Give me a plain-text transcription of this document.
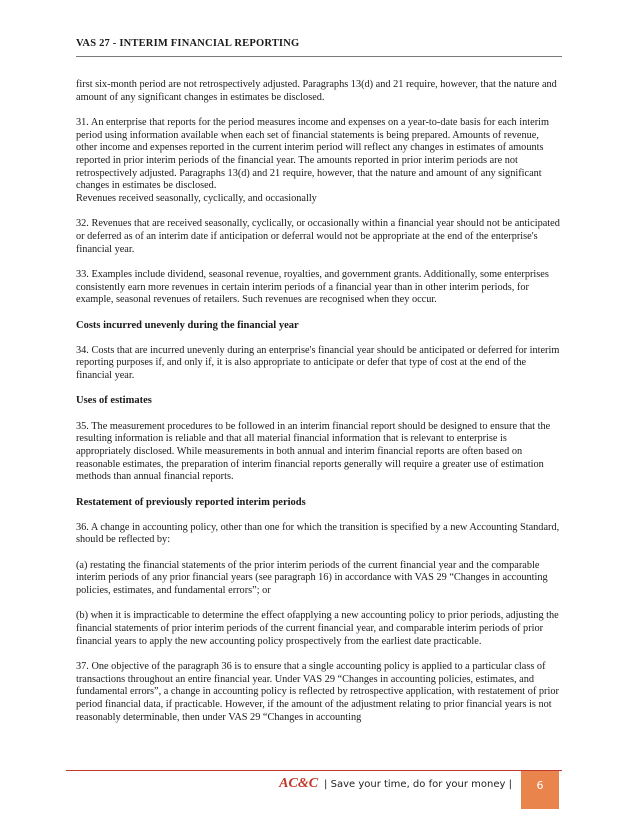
VAS 27 - INTERIM FINANCIAL REPORTING

first six-month period are not retrospectively adjusted. Paragraphs 13(d) and 21 require, however, that the nature and amount of any significant changes in estimates be disclosed.

31. An enterprise that reports for the period measures income and expenses on a year-to-date basis for each interim period using information available when each set of financial statements is being prepared. Amounts of revenue, other income and expenses reported in the current interim period will reflect any changes in estimates of amounts reported in prior interim periods of the financial year. The amounts reported in prior interim periods are not retrospectively adjusted. Paragraphs 13(d) and 21 require, however, that the nature and amount of any significant changes in estimates be disclosed.

Revenues received seasonally, cyclically, and occasionally

32. Revenues that are received seasonally, cyclically, or occasionally within a financial year should not be anticipated or deferred as of an interim date if anticipation or deferral would not be appropriate at the end of the enterprise's financial year.

33. Examples include dividend, seasonal revenue, royalties, and government grants. Additionally, some enterprises consistently earn more revenues in certain interim periods of a financial year than in other interim periods, for example, seasonal revenues of retailers. Such revenues are recognised when they occur.

Costs incurred unevenly during the financial year

34. Costs that are incurred unevenly during an enterprise's financial year should be anticipated or deferred for interim reporting purposes if, and only if, it is also appropriate to anticipate or defer that type of cost at the end of the financial year.

Uses of estimates

35. The measurement procedures to be followed in an interim financial report should be designed to ensure that the resulting information is reliable and that all material financial information that is relevant to enterprise is appropriately disclosed. While measurements in both annual and interim financial reports are often based on reasonable estimates, the preparation of interim financial reports generally will require a greater use of estimation methods than annual financial reports.

Restatement of previously reported interim periods

36. A change in accounting policy, other than one for which the transition is specified by a new Accounting Standard, should be reflected by:

(a) restating the financial statements of the prior interim periods of the current financial year and the comparable interim periods of any prior financial years (see paragraph 16) in accordance with VAS 29 “Changes in accounting policies, estimates, and fundamental errors”; or

(b) when it is impracticable to determine the effect ofapplying a new accounting policy to prior periods, adjusting the financial statements of prior interim periods of the current financial year, and comparable interim periods of prior financial years to apply the new accounting policy prospectively from the earliest date practicable.

37. One objective of the paragraph 36 is to ensure that a single accounting policy is applied to a particular class of transactions throughout an entire financial year. Under VAS 29 “Changes in accounting policies, estimates, and fundamental errors”, a change in accounting policy is reflected by retrospective application, with restatement of prior period financial data, if practicable. However, if the amount of the adjustment relating to prior financial years is not reasonably determinable, then under VAS 29 “Changes in accounting

AC&C | Save your time, do for your money |	6
